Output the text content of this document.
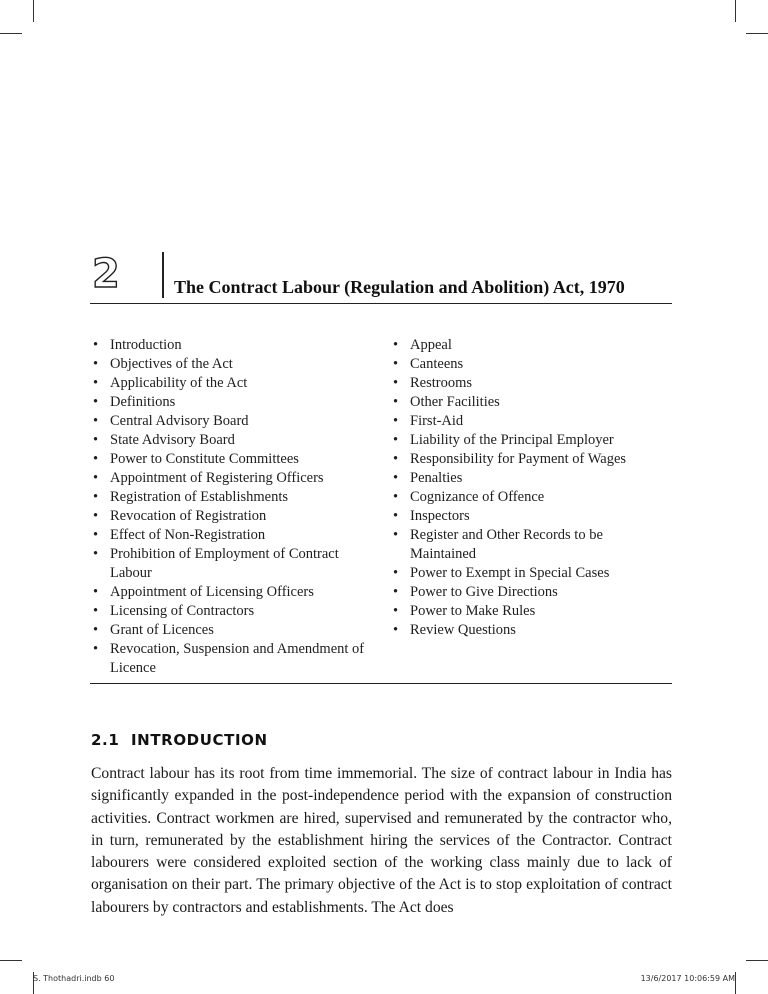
2	The Contract Labour (Regulation and Abolition) Act, 1970
• Introduction
• Objectives of the Act
• Applicability of the Act
• Definitions
• Central Advisory Board
• State Advisory Board
• Power to Constitute Committees
• Appointment of Registering Officers
• Registration of Establishments
• Revocation of Registration
• Effect of Non-Registration
• Prohibition of Employment of Contract Labour
• Appointment of Licensing Officers
• Licensing of Contractors
• Grant of Licences
• Revocation, Suspension and Amendment of Licence
• Appeal
• Canteens
• Restrooms
• Other Facilities
• First-Aid
• Liability of the Principal Employer
• Responsibility for Payment of Wages
• Penalties
• Cognizance of Offence
• Inspectors
• Register and Other Records to be Maintained
• Power to Exempt in Special Cases
• Power to Give Directions
• Power to Make Rules
• Review Questions
2.1 INTRODUCTION

Contract labour has its root from time immemorial. The size of contract labour in India has significantly expanded in the post-independence period with the expansion of construction activities. Contract workmen are hired, supervised and remunerated by the contractor who, in turn, remunerated by the establishment hiring the services of the Contractor. Contract labourers were considered exploited section of the working class mainly due to lack of organisation on their part. The primary objective of the Act is to stop exploitation of contract labourers by contractors and establishments. The Act does

S. Thothadri.indb 60	13/6/2017 10:06:59 AM
